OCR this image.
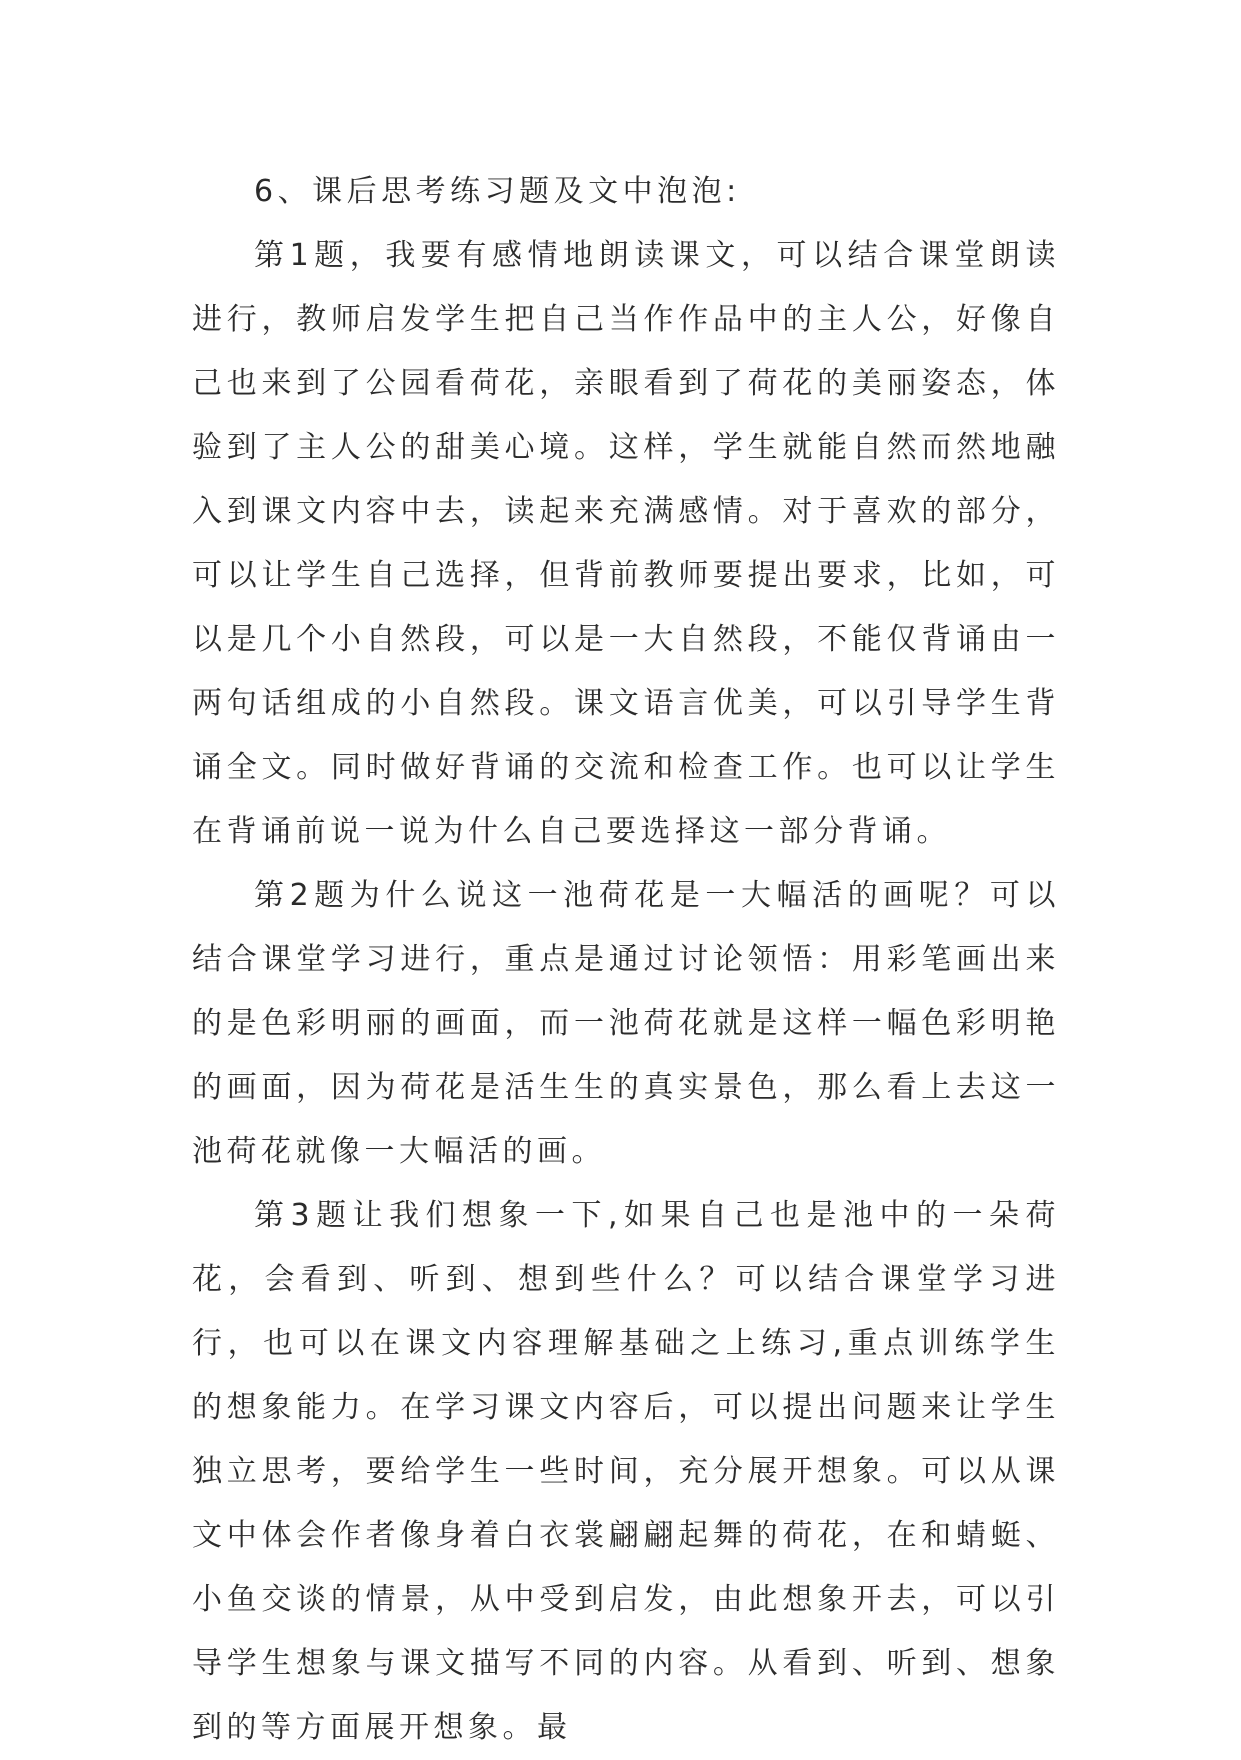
6、课后思考练习题及文中泡泡:

第1题，我要有感情地朗读课文，可以结合课堂朗读进行，教师启发学生把自己当作作品中的主人公，好像自己也来到了公园看荷花，亲眼看到了荷花的美丽姿态，体验到了主人公的甜美心境。这样，学生就能自然而然地融入到课文内容中去，读起来充满感情。对于喜欢的部分，可以让学生自己选择，但背前教师要提出要求，比如，可以是几个小自然段，可以是一大自然段，不能仅背诵由一两句话组成的小自然段。课文语言优美，可以引导学生背诵全文。同时做好背诵的交流和检查工作。也可以让学生在背诵前说一说为什么自己要选择这一部分背诵。

第2题为什么说这一池荷花是一大幅活的画呢？可以结合课堂学习进行，重点是通过讨论领悟：用彩笔画出来的是色彩明丽的画面，而一池荷花就是这样一幅色彩明艳的画面，因为荷花是活生生的真实景色，那么看上去这一池荷花就像一大幅活的画。

第3题让我们想象一下,如果自己也是池中的一朵荷花，会看到、听到、想到些什么？可以结合课堂学习进行，也可以在课文内容理解基础之上练习,重点训练学生的想象能力。在学习课文内容后，可以提出问题来让学生独立思考，要给学生一些时间，充分展开想象。可以从课文中体会作者像身着白衣裳翩翩起舞的荷花，在和蜻蜓、小鱼交谈的情景，从中受到启发，由此想象开去，可以引导学生想象与课文描写不同的内容。从看到、听到、想象到的等方面展开想象。最
